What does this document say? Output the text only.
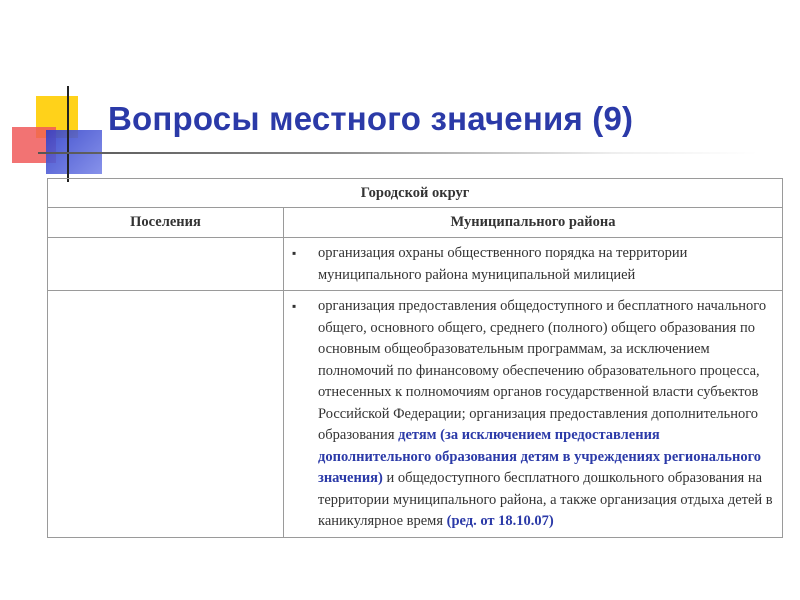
Вопросы местного значения (9)
Городской округ	
Поселения	Муниципального района

	▪ организация охраны общественного порядка на территории муниципального района муниципальной милицией

	▪ организация предоставления общедоступного и бесплатного начального общего, основного общего, среднего (полного) общего образования по основным общеобразовательным программам, за исключением полномочий по финансовому обеспечению образовательного процесса, отнесенных к полномочиям органов государственной власти субъектов Российской Федерации; организация предоставления дополнительного образования детям (за исключением предоставления дополнительного образования детям в учреждениях регионального значения) и общедоступного бесплатного дошкольного образования на территории муниципального района, а также организация отдыха детей в каникулярное время (ред. от 18.10.07)
